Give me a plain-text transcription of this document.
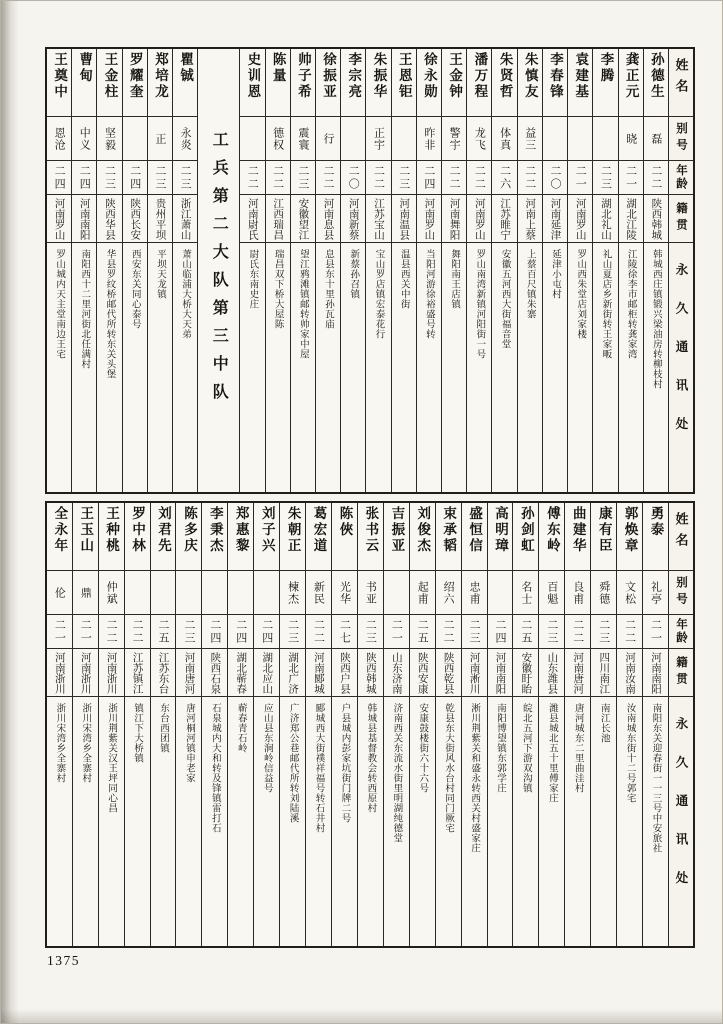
姓名
别号
年龄
籍贯
永久通讯处
孙德生
磊
二二
陕西韩城
韩城西庄镇锻兴梁油房转柳枝村
龚正元
晓
二一
湖北江陵
江陵徐李市邮柜转龚家湾
李腾
二三
湖北礼山
礼山夏店乡新街转王家畈
袁建基
二一
河南罗山
罗山西朱堂店刘家楼
李春锋
二〇
河南延津
延津小屯村
朱慎友
益三
二二
河南上蔡
上蔡百尺镇朱寨
朱贤哲
体真
二六
江苏睢宁
安徽五河西大街福音堂
潘万程
龙飞
二二
河南罗山
罗山南湾新镇河阳街一号
王金钟
警宇
二二
河南舞阳
舞阳南王店镇
徐永勋
昨非
二四
河南罗山
当阳河游徐裕盛号转
王恩钜
二三
河南温县
温县西关中街
朱振华
正宇
二二
江苏宝山
宝山罗店镇宏泰花行
李宗亮
二〇
河南新蔡
新蔡孙召镇
徐振亚
行
二二
河南息县
息县东十里孙瓦庙
帅子希
震寰
二三
安徽望江
望江鸦滩镇邮转帅家中屋
陈量
德权
二二
江西瑞昌
瑞昌双下桥大屋陈
史训恩
二二
河南尉氏
尉氏东南史庄
工兵第二大队第三中队
瞿铖
永炎
二三
浙江萧山
萧山临浦大桥大天弟
郑培龙
正
二三
贵州平坝
平坝天龙镇
罗耀奎
二四
陕西长安
西安东关同心泰号
王金柱
坚毅
二三
陕西华县
华县罗纹桥邮代所转东关头堡
曹甸
中义
二四
河南南阳
南阳西十二里河街北任满村
王奠中
恩沧
二四
河南罗山
罗山城内天主堂南边王宅
姓名
别号
年龄
籍贯
永久通讯处
勇泰
礼亭
二一
河南南阳
南阳东关迎春街一一三号中安旅社
郭焕章
文松
二二
河南汝南
汝南城东街十二号郭宅
康有臣
舜德
二三
四川南江
南江长池
曲建华
良甫
二二
河南唐河
唐河城东二里曲洼村
傅东岭
百魁
二三
山东潍县
潍县城北五十里傅家庄
孙剑虹
名士
二五
安徽盱眙
皖北五河下游双沟镇
高明璋
二四
河南南阳
南阳博望镇东郭学庄
盛恒信
忠甫
二三
河南淅川
淅川荆紫关和盛永转西关村盛家庄
束承韬
绍六
二二
陕西乾县
乾县东大街风水台村同门厥宅
刘俊杰
起甫
二五
陕西安康
安康鼓楼街六十六号
吉振亚
二一
山东济南
济南西关东流水街里明湖纯德堂
张书云
书亚
二三
陕西韩城
韩城县基督教会转西原村
陈俠
光华
二七
陕西户县
户县城内彭家坑街门牌二号
葛宏道
新民
二二
河南郾城
郾城西大街襆祥福号转石井村
朱朝正
楝杰
二三
湖北广济
广济郑公巷邮代所转刘陆溪
刘子兴
二四
湖北应山
应山县东涧岭信益号
郑惠黎
二四
湖北蕲春
蕲春青石岭
李秉杰
二四
陕西石泉
石泉城内大和转及锋镇雷打石
陈多庆
二三
河南唐河
唐河桐河镇申老家
刘君先
二五
江苏东台
东台西团镇
罗中林
二二
江苏镇江
镇江下大桥镇
王种桃
仲斌
二二
河南浙川
浙川荆紫关汉王坪同心昌
王玉山
鼎
二一
河南浙川
浙川宋湾乡全寨村
全永年
伦
二一
河南浙川
浙川宋湾乡全寨村
1375
